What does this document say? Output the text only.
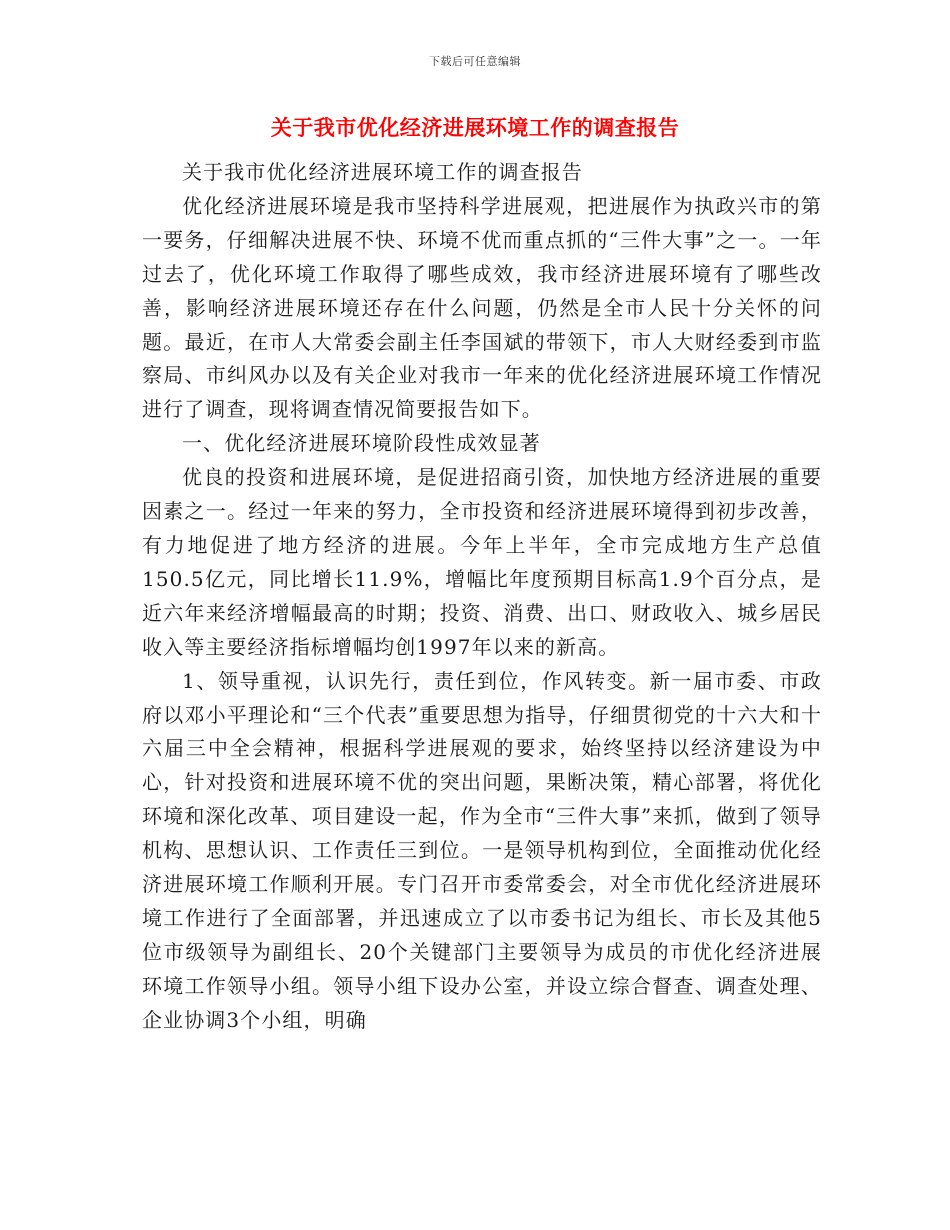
下载后可任意编辑
关于我市优化经济进展环境工作的调查报告

关于我市优化经济进展环境工作的调查报告

优化经济进展环境是我市坚持科学进展观，把进展作为执政兴市的第一要务，仔细解决进展不快、环境不优而重点抓的“三件大事”之一。一年过去了，优化环境工作取得了哪些成效，我市经济进展环境有了哪些改善，影响经济进展环境还存在什么问题，仍然是全市人民十分关怀的问题。最近，在市人大常委会副主任李国斌的带领下，市人大财经委到市监察局、市纠风办以及有关企业对我市一年来的优化经济进展环境工作情况进行了调查，现将调查情况简要报告如下。

一、优化经济进展环境阶段性成效显著

优良的投资和进展环境，是促进招商引资，加快地方经济进展的重要因素之一。经过一年来的努力，全市投资和经济进展环境得到初步改善，有力地促进了地方经济的进展。今年上半年，全市完成地方生产总值150.5亿元，同比增长11.9%，增幅比年度预期目标高1.9个百分点，是近六年来经济增幅最高的时期；投资、消费、出口、财政收入、城乡居民收入等主要经济指标增幅均创1997年以来的新高。

1、领导重视，认识先行，责任到位，作风转变。新一届市委、市政府以邓小平理论和“三个代表”重要思想为指导，仔细贯彻党的十六大和十六届三中全会精神，根据科学进展观的要求，始终坚持以经济建设为中心，针对投资和进展环境不优的突出问题，果断决策，精心部署，将优化环境和深化改革、项目建设一起，作为全市“三件大事”来抓，做到了领导机构、思想认识、工作责任三到位。一是领导机构到位，全面推动优化经济进展环境工作顺利开展。专门召开市委常委会，对全市优化经济进展环境工作进行了全面部署，并迅速成立了以市委书记为组长、市长及其他5位市级领导为副组长、20个关键部门主要领导为成员的市优化经济进展环境工作领导小组。领导小组下设办公室，并设立综合督查、调查处理、企业协调3个小组，明确
